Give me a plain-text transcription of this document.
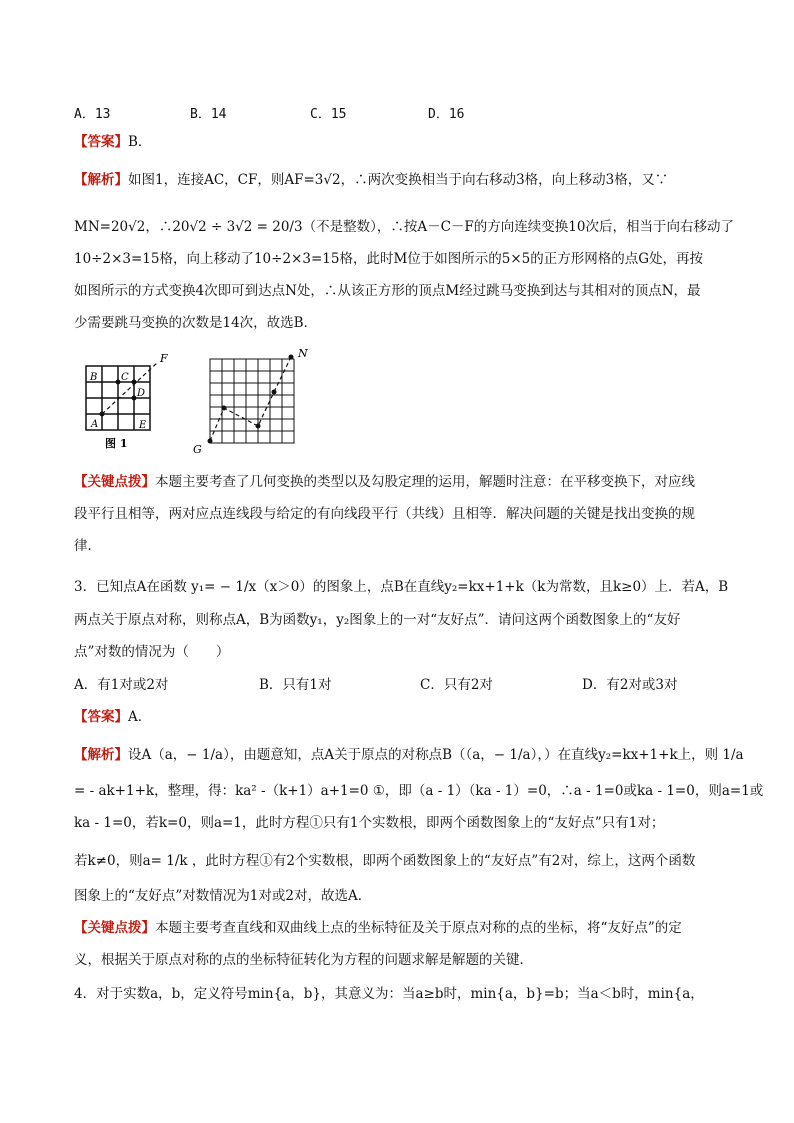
A．13	B．14	C．15	D．16
【答案】B．
【解析】如图1，连接AC，CF，则AF=3√2，∴两次变换相当于向右移动3格，向上移动3格，又∵
MN=20√2，∴20√2 ÷ 3√2 = 20/3（不是整数），∴按A－C－F的方向连续变换10次后，相当于向右移动了
10÷2×3=15格，向上移动了10÷2×3=15格，此时M位于如图所示的5×5的正方形网格的点G处，再按
如图所示的方式变换4次即可到达点N处，∴从该正方形的顶点M经过跳马变换到达与其相对的顶点N，最
少需要跳马变换的次数是14次，故选B．
B C
D
A	E
F
图 1	G
N
【关键点拨】本题主要考查了几何变换的类型以及勾股定理的运用，解题时注意：在平移变换下，对应线
段平行且相等，两对应点连线段与给定的有向线段平行（共线）且相等．解决问题的关键是找出变换的规
律．
3．已知点A在函数 y₁= − 1/x（x＞0）的图象上，点B在直线y₂=kx+1+k（k为常数，且k≥0）上．若A，B
两点关于原点对称，则称点A，B为函数y₁，y₂图象上的一对“友好点”．请问这两个函数图象上的“友好
点”对数的情况为（　　）
A．有1对或2对	B．只有1对	C．只有2对	D．有2对或3对
【答案】A．
【解析】设A（a，− 1/a），由题意知，点A关于原点的对称点B（（a，− 1/a），）在直线y₂=kx+1+k上，则 1/a
= - ak+1+k，整理，得：ka² -（k+1）a+1=0 ①，即（a - 1）（ka - 1）=0，∴a - 1=0或ka - 1=0，则a=1或
ka - 1=0，若k=0，则a=1，此时方程①只有1个实数根，即两个函数图象上的“友好点”只有1对；
若k≠0，则a= 1/k ，此时方程①有2个实数根，即两个函数图象上的“友好点”有2对，综上，这两个函数
图象上的“友好点”对数情况为1对或2对，故选A．
【关键点拨】本题主要考查直线和双曲线上点的坐标特征及关于原点对称的点的坐标，将“友好点”的定
义，根据关于原点对称的点的坐标特征转化为方程的问题求解是解题的关键．
4．对于实数a，b，定义符号min{a，b}，其意义为：当a≥b时，min{a，b}=b；当a＜b时，min{a，
